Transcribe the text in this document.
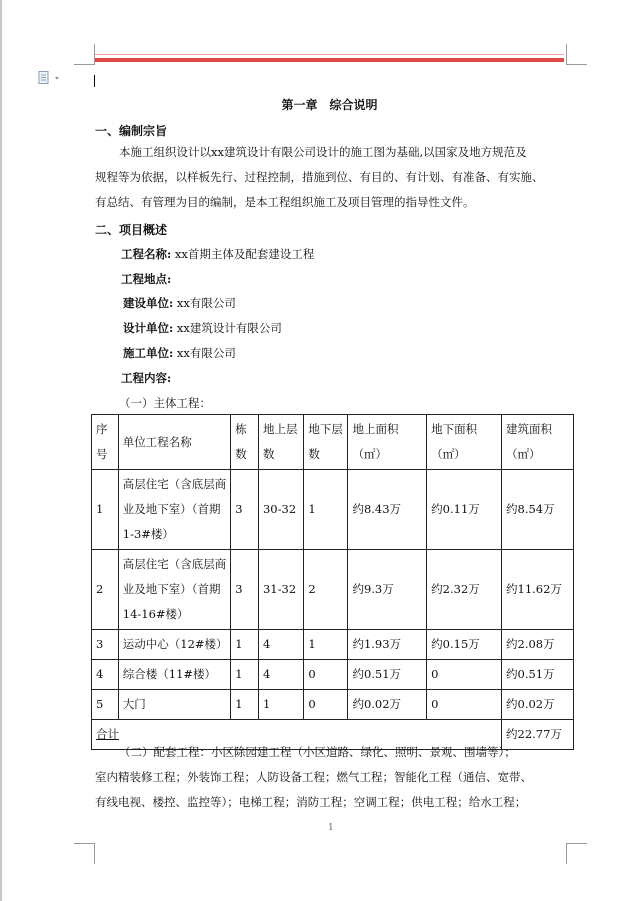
第一章　综合说明
一、编制宗旨
本施工组织设计以xx建筑设计有限公司设计的施工图为基础,以国家及地方规范及
规程等为依据，以样板先行、过程控制，措施到位、有目的、有计划、有准备、有实施、
有总结、有管理为目的编制，是本工程组织施工及项目管理的指导性文件。
二、项目概述
工程名称: xx首期主体及配套建设工程
工程地点:
建设单位: xx有限公司
设计单位: xx建筑设计有限公司
施工单位: xx有限公司
工程内容:
（一）主体工程：
序号	单位工程名称	栋数	地上层数	地下层数	地上面积（㎡）	地下面积（㎡）	建筑面积（㎡）
1	高层住宅（含底层商业及地下室）（首期1-3#楼）	3	30-32	1	约8.43万	约0.11万	约8.54万
2	高层住宅（含底层商业及地下室）（首期14-16#楼）	3	31-32	2	约9.3万	约2.32万	约11.62万
3	运动中心（12#楼）	1	4	1	约1.93万	约0.15万	约2.08万
4	综合楼（11#楼）	1	4	0	约0.51万	0	约0.51万
5	大门	1	1	0	约0.02万	0	约0.02万
合计							约22.77万
（二）配套工程：小区除园建工程（小区道路、绿化、照明、景观、围墙等）；
室内精装修工程；外装饰工程；人防设备工程；燃气工程；智能化工程（通信、宽带、
有线电视、楼控、监控等）；电梯工程；消防工程；空调工程；供电工程；给水工程；
1
